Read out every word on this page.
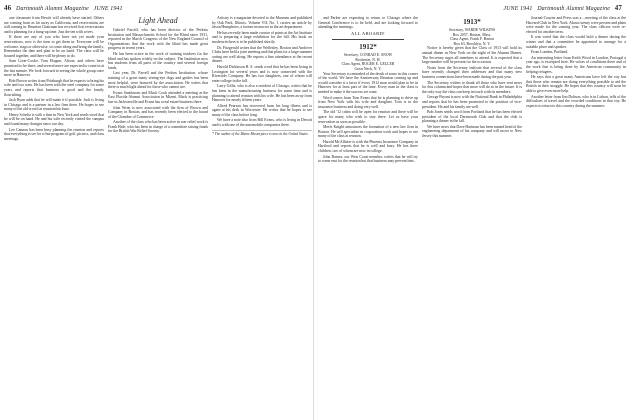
46 Dartmouth Alumni Magazine JUNE 1941

one classmate from Hewitt will already have started. Others are coming from as far away as California, and reservations are still coming in. Reunion Chairman has received first reservations and is planning for a bang-up time. Just the ten with wives.

If there are any of you who have not yet made your reservations, now is the time to get them in. Everyone will be welcome, stags or otherwise, so come along and bring the family. Remember the date and plan to be on hand. The class will be housed together, and there will be plenty to do.

Sam Coon-Cooke, Tom Hopper, Alison, and others have promised to be there, and several more are expected to come in at the last minute. We look forward to seeing the whole group once more in Hanover.

Bob Brown writes from Pittsburgh that he expects to bring his wife and two sons. He has been with the steel company for some years and reports that business is good and the family flourishing.

Jack Ryan adds that he will make it if possible. Jack is living in Chicago and is a partner in a law firm there. He hopes to see many of the old crowd at reunion this June.

Henry Scheltz is with a firm in New York and sends word that he will be on hand. He and his wife recently visited the campus and found many changes since our day.

Lee Cannon has been busy planning the reunion and reports that everything is set for a fine program of golf, picnics, and class meetings.

Light Ahead

Gabriel Farrell, who has been director of the Perkins Institution and Massachusetts School for the Blind since 1931, reported in the March Congress of the New England Council of Organizations that the work with the blind has made great progress in recent years.

He has been active in the work of training teachers for the blind and has spoken widely on the subject. The Institution now has students from all parts of the country and several foreign lands.

Last year, Dr. Farrell and the Perkins Institution, whose training of a great many seeing-eye dogs and guides has been most helpful, were honored by the association. He writes that there is much light ahead for those who cannot see.

Evans Sandstrom and Mack Cook attended a meeting at the East Florida Alumni Association in Miami. Mack is practicing law in Jacksonville and Evans has a real estate business there.

John Wren is now associated with the firm of Brown and Company in Boston, and has recently been elected to the board of the Chamber of Commerce.

Another of the class who has been active in war relief work is Frank Hale, who has been in charge of a committee raising funds for the British War Relief Society.

Artistry is a magazine devoted to the Museum and published by Oak Park, Illinois. Volume VII, No. 1 carries an article by Jason Humphries, a former instructor in the art department.

He has recently been made curator of prints at the Art Institute and is preparing a large exhibition for the fall. His book on modern etchers is to be published shortly.

Dr. Fitzgerald writes that the Wellesley, Boston and Andover Clubs have held a joint meeting and that plans for a large summer outing are well along. He reports a fine attendance at the recent dinner.

Harold Dickinson B. S. sends word that he has been living in Lexington for several years and is now connected with the Riverside Company. He has two daughters, one of whom will enter college in the fall.

Larry Gillis, who is also a resident of Chicago, writes that he has been in the manufacturing business for some time and is planning to attend reunion with his wife. He has been away from Hanover for nearly fifteen years.

Alfred Pearson has recovered from his long illness and is again at his desk in Worcester. He writes that he hopes to see many of the class before long.

We have a note also from Bill Evans, who is living in Detroit and is with one of the automobile companies there.

* The author of the Maine Masterpiece is now in the United States.
JUNE 1941 Dartmouth Alumni Magazine 47

and Parker are expecting to return to Chicago where the General Conference is to be held, and are looking forward to attending the meetings.

ALL ABOARD!
1912*
Secretary, CONRAD E. SNOW
Rochester, N. H.
Class Agent, ROGER E. GELLER
Great Neck, N. Y.

Your Secretary is reminded of the death of some in this corner of the world. We have the Anniversary Reunion coming up and would consider it a favor if every 1912 man would plan to be in Hanover for at least part of the time. Every man in the class is needed to make it the success we want.

Word comes from Tom Evans that he is planning to drive up from New York with his wife and daughter. Tom is in the insurance business and doing very well.

The old '12 cabin will be open for reunion and there will be space for many who wish to stay there. Let us have your reservation as soon as possible.

Merle Knight announces the formation of a new law firm in Boston. He will specialize in corporation work and hopes to see many of the class at reunion.

Harold McAllister is with the Phoenix Insurance Company in Hartford and reports that he is well and busy. He has three children, two of whom are now in college.

John Barnes, our West Coast member, writes that he will try to come east for the reunion but that business may prevent him.

1913*
Secretary, WARDE WILKINS
Box 2057, Boston, Mass.
Class Agent, Frank F. Barton
Box 63, Brooklyn, N. Y.

Notice is hereby given that the Class of 1913 will hold its annual dinner in New York on the night of the Alumni Dinner. The Secretary urges all members to attend. It is expected that a large number will be present for the occasion.

Notes from the Secretary indicate that several of the class have recently changed their addresses and that many new business connections have been made during the past year.

The Secretary wishes to thank all those who have sent news for this column and hopes that more will do so in the future. It is the only way the class can keep in touch with its members.

George Bryant is now with the National Bank in Philadelphia and reports that he has been promoted to the position of vice-president. He and his family are well.

Bob Jones sends word from Portland that he has been elected president of the local Dartmouth Club and that the club is planning a dinner in the fall.

We have news that Dave Hartman has been named head of the engineering department of his company and will move to New Jersey this summer.

Journal-Courier and Press was a ...meeting of the class at the Harvard Club in New York. About twenty were present and plans were made for the coming year. The class officers were re-elected for another term.

It was voted that the class would hold a dinner during the winter and that a committee be appointed to arrange for a suitable place and speaker.

From London, Portland.

An interesting letter from Keith Wood in London, Portugal a year ago, is excerpted here. He writes of conditions there and of the work that is being done by the American community in helping refugees.

He says that a great many Americans have left the city but that those who remain are doing everything possible to aid the British in their struggle. He hopes that this country will soon be able to give even more help.

Another letter from Jim Dobson, who is in Lisbon, tells of the difficulties of travel and the crowded conditions in that city. He expects to return to this country during the summer.
